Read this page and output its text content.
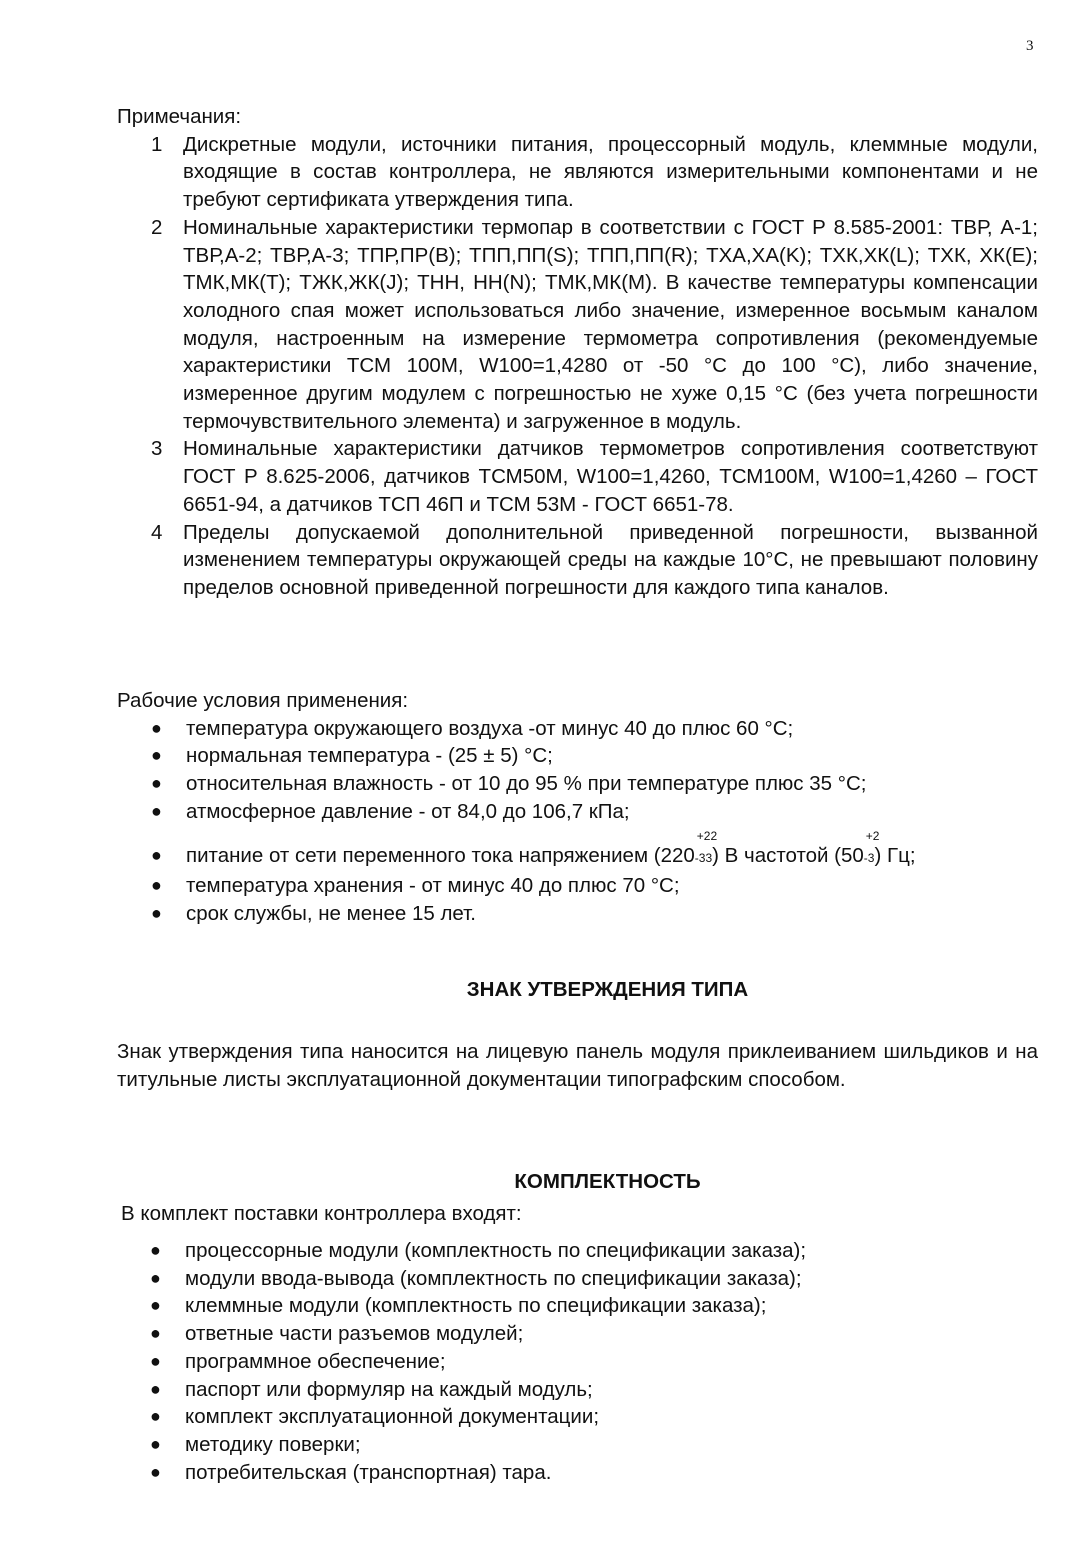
3
Примечания:
1 Дискретные модули, источники питания, процессорный модуль, клеммные модули, входящие в состав контроллера, не являются измерительными компонентами и не требуют сертификата утверждения типа.
2 Номинальные характеристики термопар в соответствии с ГОСТ Р 8.585-2001: ТВР, А-1; ТВР,А-2; ТВР,А-3; ТПР,ПР(B); ТПП,ПП(S); ТПП,ПП(R); ТХА,ХА(K); ТХК,ХК(L); ТХК, ХК(E); ТМК,МК(T); ТЖК,ЖК(J); ТНН, НН(N); ТМК,МК(M). В качестве температуры компенсации холодного спая может использоваться либо значение, измеренное восьмым каналом модуля, настроенным на измерение термометра сопротивления (рекомендуемые характеристики ТСМ 100М, W100=1,4280 от -50 °C до 100 °C), либо значение, измеренное другим модулем с погрешностью не хуже 0,15 °C (без учета погрешности термочувствительного элемента) и загруженное в модуль.
3 Номинальные характеристики датчиков термометров сопротивления соответствуют ГОСТ Р 8.625-2006, датчиков ТСМ50М, W100=1,4260, ТСМ100М, W100=1,4260 – ГОСТ 6651-94, а датчиков ТСП 46П и ТСМ 53М - ГОСТ 6651-78.
4 Пределы допускаемой дополнительной приведенной погрешности, вызванной изменением температуры окружающей среды на каждые 10°C, не превышают половину пределов основной приведенной погрешности для каждого типа каналов.
Рабочие условия применения:
● температура окружающего воздуха -от минус 40 до плюс 60 °C;
● нормальная температура - (25 ± 5) °C;
● относительная влажность - от 10 до 95 % при температуре плюс 35 °C;
● атмосферное давление - от 84,0 до 106,7 кПа;
● питание от сети переменного тока напряжением (220
+22
-33) В частотой (50
+2
-3) Гц;
● температура хранения - от минус 40 до плюс 70 °C;
● срок службы, не менее 15 лет.
ЗНАК УТВЕРЖДЕНИЯ ТИПА
Знак утверждения типа наносится на лицевую панель модуля приклеиванием шильдиков и на титульные листы эксплуатационной документации типографским способом.
КОМПЛЕКТНОСТЬ
В комплект поставки контроллера входят:
● процессорные модули (комплектность по спецификации заказа);
● модули ввода-вывода (комплектность по спецификации заказа);
● клеммные модули (комплектность по спецификации заказа);
● ответные части разъемов модулей;
● программное обеспечение;
● паспорт или формуляр на каждый модуль;
● комплект эксплуатационной документации;
● методику поверки;
● потребительская (транспортная) тара.
